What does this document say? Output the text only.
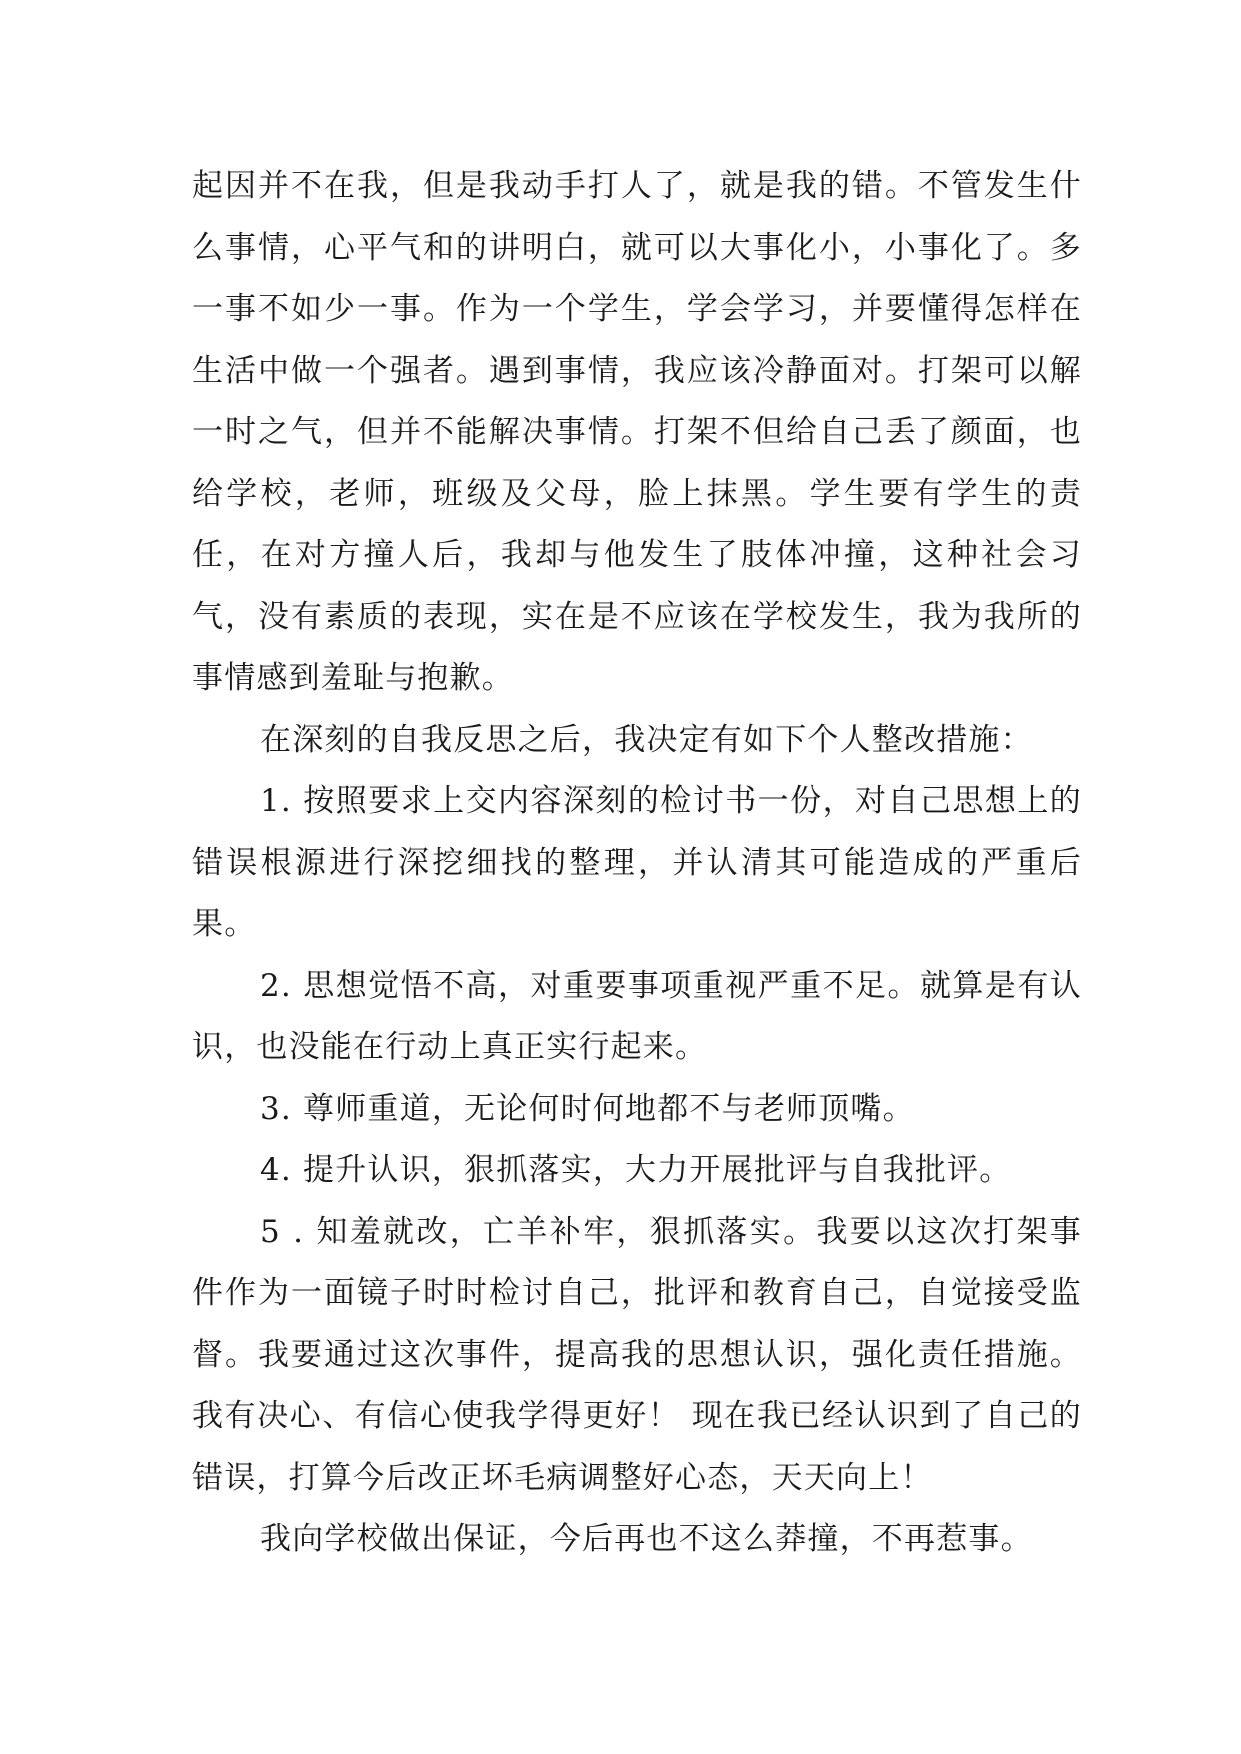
起因并不在我，但是我动手打人了，就是我的错。不管发生什么事情，心平气和的讲明白，就可以大事化小，小事化了。多一事不如少一事。作为一个学生，学会学习，并要懂得怎样在生活中做一个强者。遇到事情，我应该冷静面对。打架可以解一时之气，但并不能解决事情。打架不但给自己丢了颜面，也给学校，老师，班级及父母，脸上抹黑。学生要有学生的责任，在对方撞人后，我却与他发生了肢体冲撞，这种社会习气，没有素质的表现，实在是不应该在学校发生，我为我所的事情感到羞耻与抱歉。

在深刻的自我反思之后，我决定有如下个人整改措施：

1. 按照要求上交内容深刻的检讨书一份，对自己思想上的错误根源进行深挖细找的整理，并认清其可能造成的严重后果。

2. 思想觉悟不高，对重要事项重视严重不足。就算是有认识，也没能在行动上真正实行起来。

3. 尊师重道，无论何时何地都不与老师顶嘴。

4. 提升认识，狠抓落实，大力开展批评与自我批评。

5 . 知羞就改，亡羊补牢，狠抓落实。我要以这次打架事件作为一面镜子时时检讨自己，批评和教育自己，自觉接受监督。我要通过这次事件，提高我的思想认识，强化责任措施。我有决心、有信心使我学得更好！ 现在我已经认识到了自己的错误，打算今后改正坏毛病调整好心态，天天向上！

我向学校做出保证，今后再也不这么莽撞，不再惹事。
